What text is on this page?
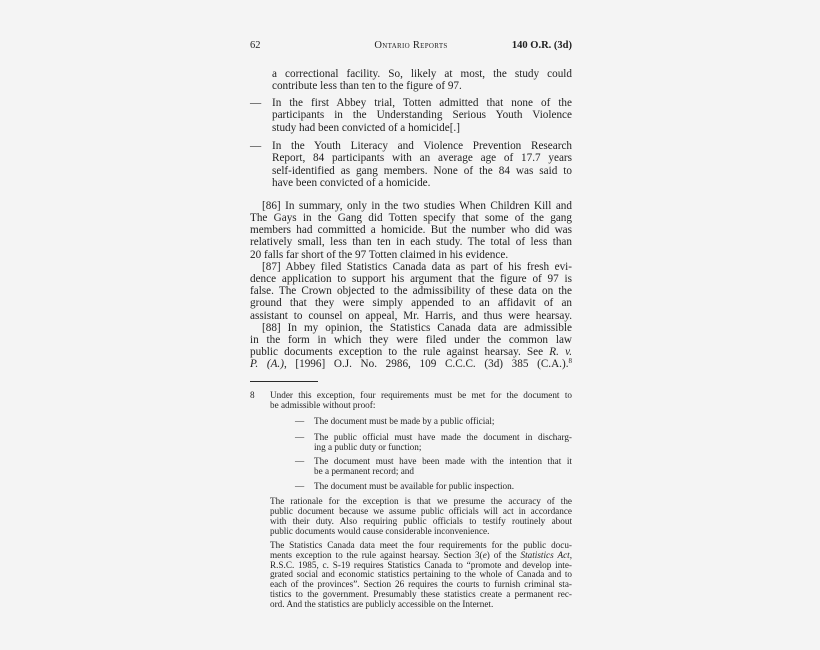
62	Ontario Reports	140 O.R. (3d)
a correctional facility. So, likely at most, the study could
contribute less than ten to the figure of 97.
— In the first Abbey trial, Totten admitted that none of the
participants in the Understanding Serious Youth Violence
study had been convicted of a homicide[.]
— In the Youth Literacy and Violence Prevention Research
Report, 84 participants with an average age of 17.7 years
self-identified as gang members. None of the 84 was said to
have been convicted of a homicide.
[86] In summary, only in the two studies When Children Kill and
The Gays in the Gang did Totten specify that some of the gang
members had committed a homicide. But the number who did was
relatively small, less than ten in each study. The total of less than
20 falls far short of the 97 Totten claimed in his evidence.
[87] Abbey filed Statistics Canada data as part of his fresh evi-
dence application to support his argument that the figure of 97 is
false. The Crown objected to the admissibility of these data on the
ground that they were simply appended to an affidavit of an
assistant to counsel on appeal, Mr. Harris, and thus were hearsay.
[88] In my opinion, the Statistics Canada data are admissible
in the form in which they were filed under the common law
public documents exception to the rule against hearsay. See R. v.
P. (A.), [1996] O.J. No. 2986, 109 C.C.C. (3d) 385 (C.A.).$^8$
8 Under this exception, four requirements must be met for the document to
be admissible without proof:
— The document must be made by a public official;
— The public official must have made the document in discharg-
ing a public duty or function;
— The document must have been made with the intention that it
be a permanent record; and
— The document must be available for public inspection.
The rationale for the exception is that we presume the accuracy of the
public document because we assume public officials will act in accordance
with their duty. Also requiring public officials to testify routinely about
public documents would cause considerable inconvenience.
The Statistics Canada data meet the four requirements for the public docu-
ments exception to the rule against hearsay. Section 3(e) of the Statistics Act,
R.S.C. 1985, c. S-19 requires Statistics Canada to “promote and develop inte-
grated social and economic statistics pertaining to the whole of Canada and to
each of the provinces”. Section 26 requires the courts to furnish criminal sta-
tistics to the government. Presumably these statistics create a permanent rec-
ord. And the statistics are publicly accessible on the Internet.
